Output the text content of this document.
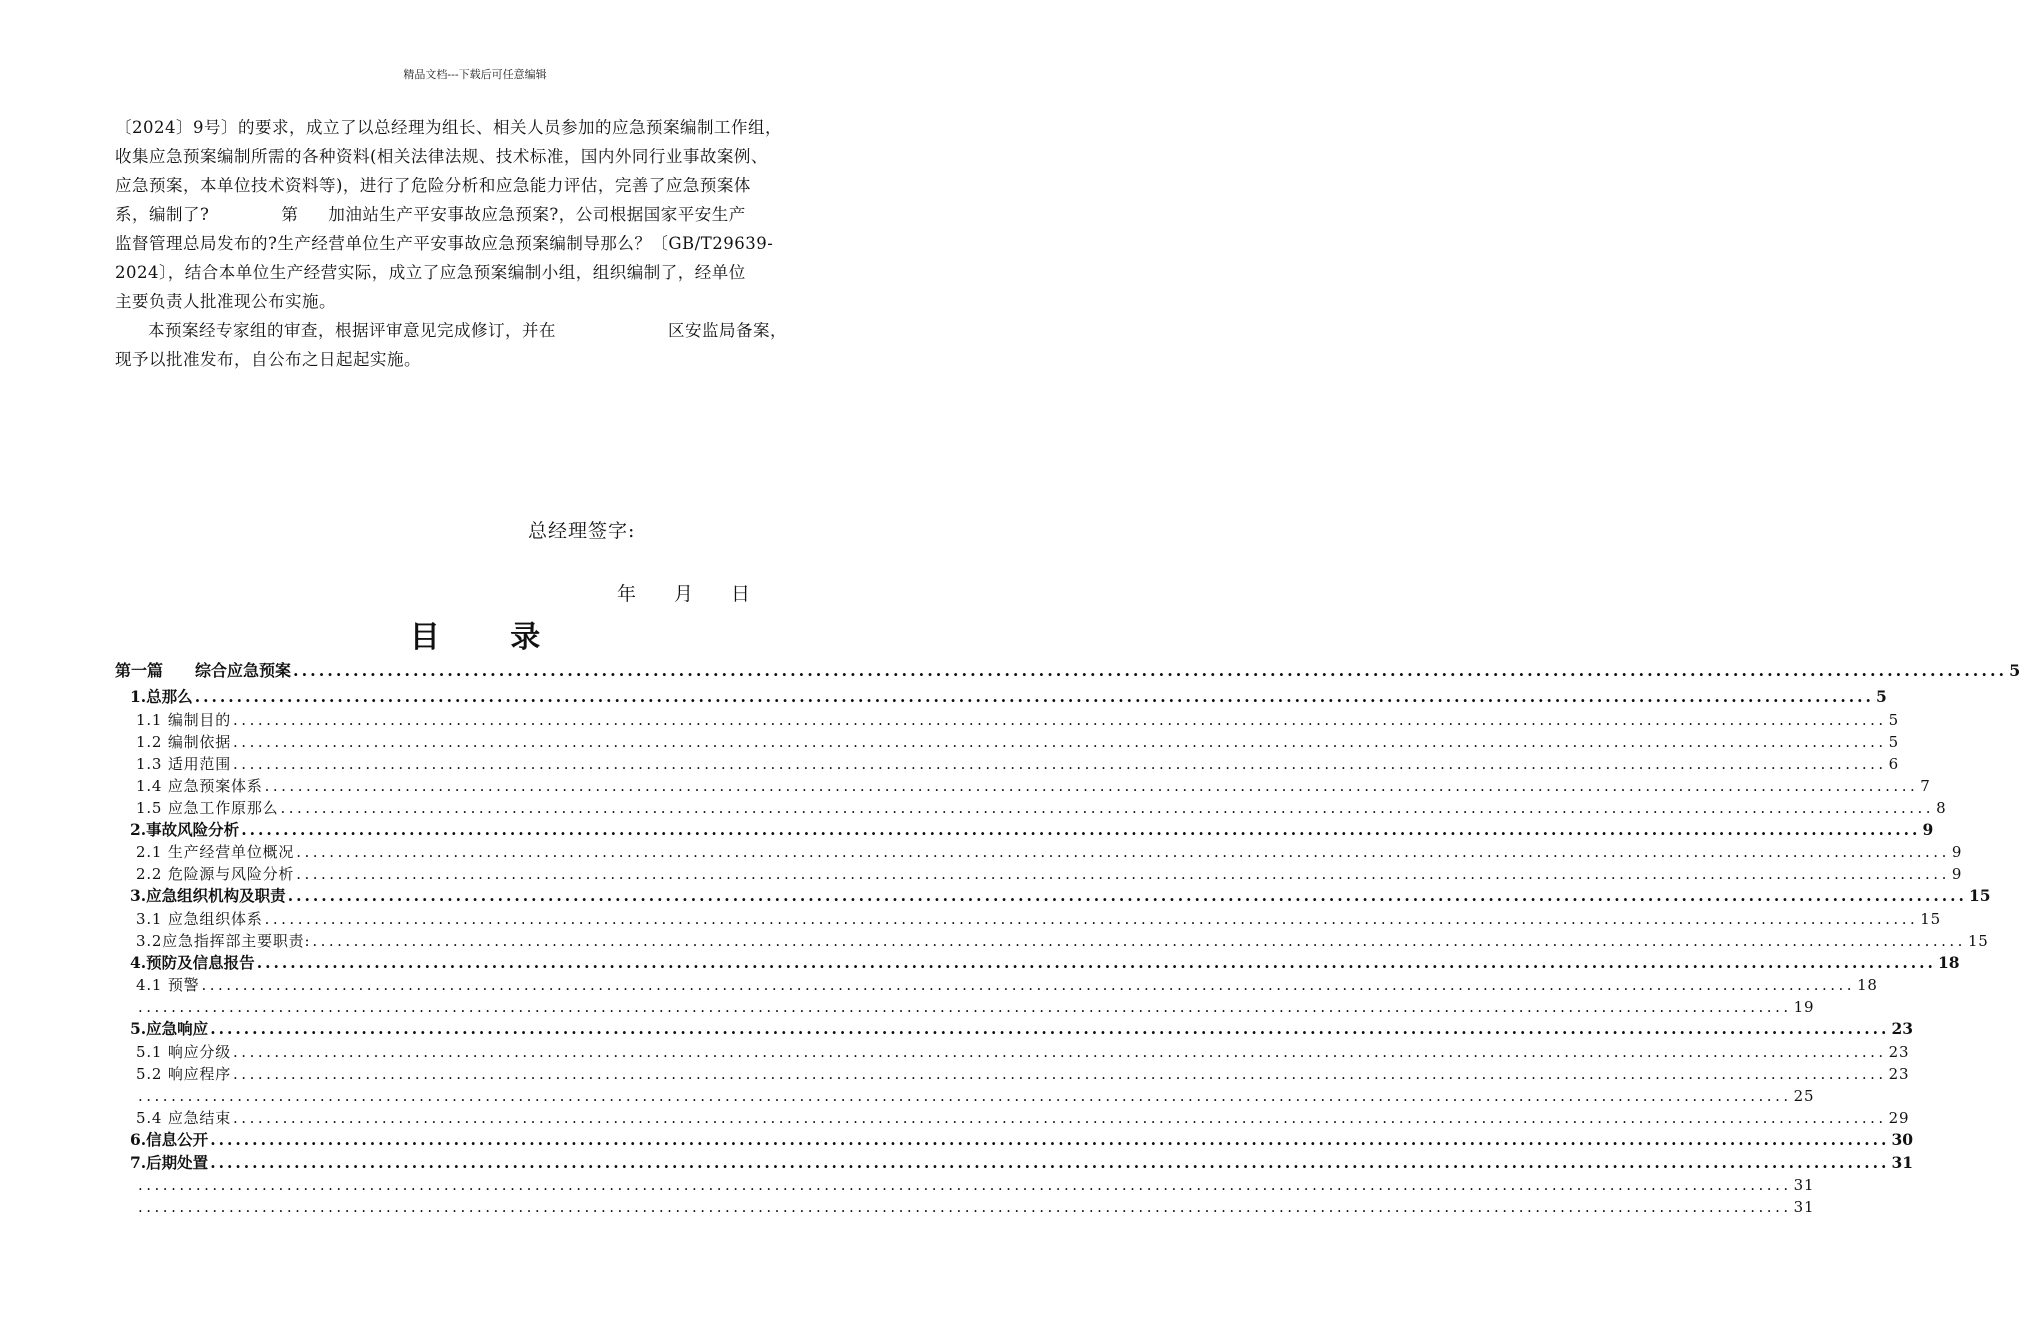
精品文档---下载后可任意编辑
〔2024〕9号〕的要求，成立了以总经理为组长、相关人员参加的应急预案编制工作组，
收集应急预案编制所需的各种资料(相关法律法规、技术标准，国内外同行业事故案例、
应急预案，本单位技术资料等)，进行了危险分析和应急能力评估，完善了应急预案体
系，编制了?	第 加油站生产平安事故应急预案?，公司根据国家平安生产
监督管理总局发布的?生产经营单位生产平安事故应急预案编制导那么？〔GB/T29639-
2024〕，结合本单位生产经营实际，成立了应急预案编制小组，组织编制了，经单位
主要负责人批准现公布实施。
本预案经专家组的审查，根据评审意见完成修订，并在	区安监局备案，
现予以批准发布，自公布之日起起实施。
总经理签字:
年 月 日
目 录
第一篇　　综合应急预案 ........................................................................................................................................................................................................ 5
1.总那么 ........................................................................................................................................................................................................ 5
1.1 编制目的 ........................................................................................................................................................................................................ 5
1.2 编制依据 ........................................................................................................................................................................................................ 5
1.3 适用范围 ........................................................................................................................................................................................................ 6
1.4 应急预案体系 ........................................................................................................................................................................................................ 7
1.5 应急工作原那么 ........................................................................................................................................................................................................ 8
2.事故风险分析 ........................................................................................................................................................................................................ 9
2.1 生产经营单位概况 ........................................................................................................................................................................................................ 9
2.2 危险源与风险分析 ........................................................................................................................................................................................................ 9
3.应急组织机构及职责 ........................................................................................................................................................................................................ 15
3.1 应急组织体系 ........................................................................................................................................................................................................ 15
3.2应急指挥部主要职责: ........................................................................................................................................................................................................ 15
4.预防及信息报告 ........................................................................................................................................................................................................ 18
4.1 预警 ........................................................................................................................................................................................................ 18
........................................................................................................................................................................................................ 19
5.应急响应 ........................................................................................................................................................................................................ 23
5.1 响应分级 ........................................................................................................................................................................................................ 23
5.2 响应程序 ........................................................................................................................................................................................................ 23
........................................................................................................................................................................................................ 25
5.4 应急结束 ........................................................................................................................................................................................................ 29
6.信息公开 ........................................................................................................................................................................................................ 30
7.后期处置 ........................................................................................................................................................................................................ 31
........................................................................................................................................................................................................ 31
........................................................................................................................................................................................................ 31
